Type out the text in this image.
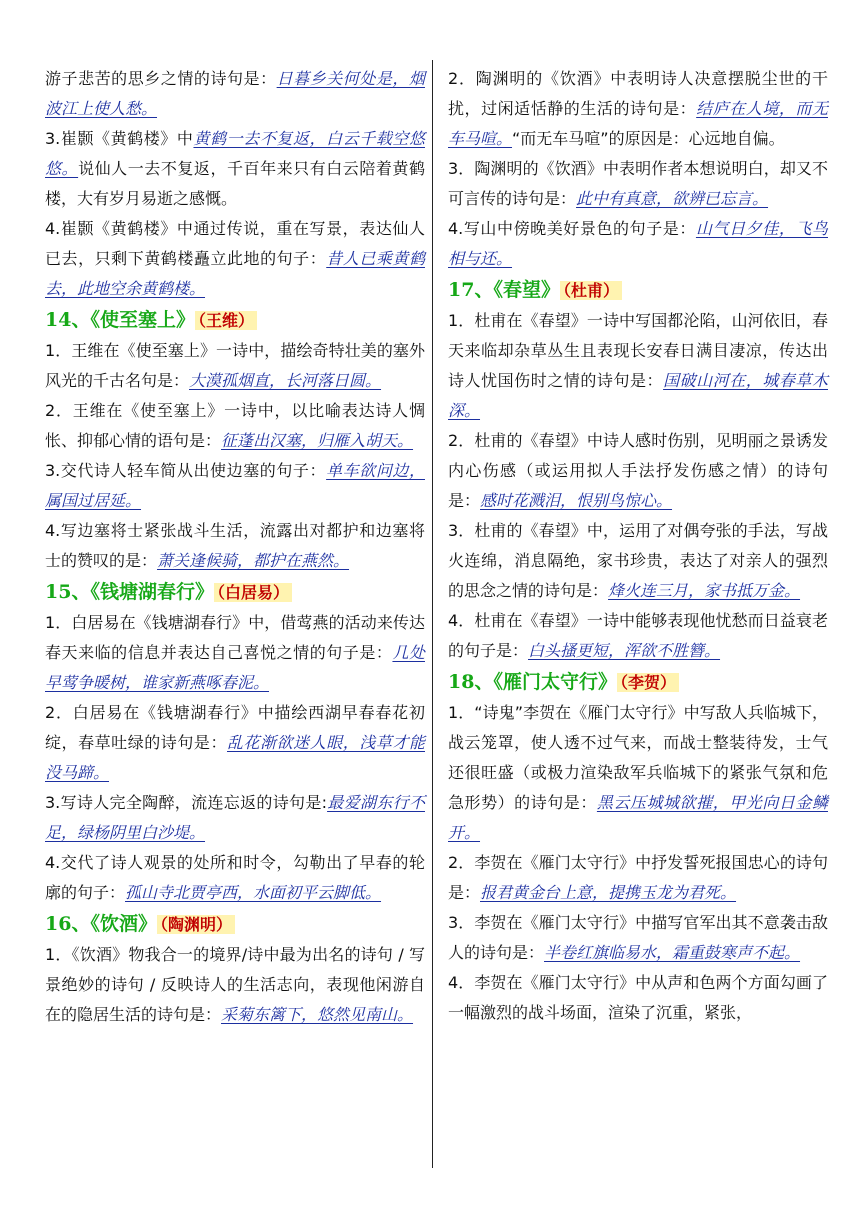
游子悲苦的思乡之情的诗句是：日暮乡关何处是，烟波江上使人愁。

3.崔颢《黄鹤楼》中黄鹤一去不复返，白云千载空悠悠。说仙人一去不复返，千百年来只有白云陪着黄鹤楼，大有岁月易逝之感慨。

4.崔颢《黄鹤楼》中通过传说，重在写景，表达仙人已去，只剩下黄鹤楼矗立此地的句子：昔人已乘黄鹤去，此地空余黄鹤楼。

14、《使至塞上》 （王维）

1．王维在《使至塞上》一诗中，描绘奇特壮美的塞外风光的千古名句是：大漠孤烟直，长河落日圆。

2．王维在《使至塞上》一诗中，以比喻表达诗人惆怅、抑郁心情的语句是：征蓬出汉塞，归雁入胡天。

3.交代诗人轻车简从出使边塞的句子：单车欲问边，属国过居延。

4.写边塞将士紧张战斗生活，流露出对都护和边塞将士的赞叹的是：萧关逢候骑，都护在燕然。

15、《钱塘湖春行》 （白居易）

1．白居易在《钱塘湖春行》中，借莺燕的活动来传达春天来临的信息并表达自己喜悦之情的句子是：几处早莺争暖树，谁家新燕啄春泥。

2．白居易在《钱塘湖春行》中描绘西湖早春春花初绽，春草吐绿的诗句是：乱花渐欲迷人眼，浅草才能没马蹄。

3.写诗人完全陶醉，流连忘返的诗句是:最爱湖东行不足，绿杨阴里白沙堤。

4.交代了诗人观景的处所和时令，勾勒出了早春的轮廓的句子：孤山寺北贾亭西，水面初平云脚低。

16、《饮酒》 （陶渊明）

1．《饮酒》物我合一的境界/诗中最为出名的诗句 / 写景绝妙的诗句 / 反映诗人的生活志向，表现他闲游自在的隐居生活的诗句是：采菊东篱下，悠然见南山。

2．陶渊明的《饮酒》中表明诗人决意摆脱尘世的干扰，过闲适恬静的生活的诗句是：结庐在人境，而无车马喧。“而无车马喧”的原因是：心远地自偏。

3．陶渊明的《饮酒》中表明作者本想说明白，却又不可言传的诗句是：此中有真意，欲辨已忘言。

4.写山中傍晚美好景色的句子是：山气日夕佳，飞鸟相与还。

17、《春望》 （杜甫）

1．杜甫在《春望》一诗中写国都沦陷，山河依旧，春天来临却杂草丛生且表现长安春日满目凄凉，传达出诗人忧国伤时之情的诗句是：国破山河在，城春草木深。

2．杜甫的《春望》中诗人感时伤别，见明丽之景诱发内心伤感（或运用拟人手法抒发伤感之情）的诗句是：感时花溅泪，恨别鸟惊心。

3．杜甫的《春望》中，运用了对偶夸张的手法，写战火连绵，消息隔绝，家书珍贵，表达了对亲人的强烈的思念之情的诗句是：烽火连三月，家书抵万金。

4．杜甫在《春望》一诗中能够表现他忧愁而日益衰老的句子是：白头搔更短，浑欲不胜簪。

18、《雁门太守行》 （李贺）

1．“诗鬼”李贺在《雁门太守行》中写敌人兵临城下，战云笼罩，使人透不过气来，而战士整装待发，士气还很旺盛（或极力渲染敌军兵临城下的紧张气氛和危急形势）的诗句是：黑云压城城欲摧，甲光向日金鳞开。

2．李贺在《雁门太守行》中抒发誓死报国忠心的诗句是：报君黄金台上意，提携玉龙为君死。

3．李贺在《雁门太守行》中描写官军出其不意袭击敌人的诗句是：半卷红旗临易水，霜重鼓寒声不起。

4．李贺在《雁门太守行》中从声和色两个方面勾画了一幅激烈的战斗场面，渲染了沉重，紧张，
